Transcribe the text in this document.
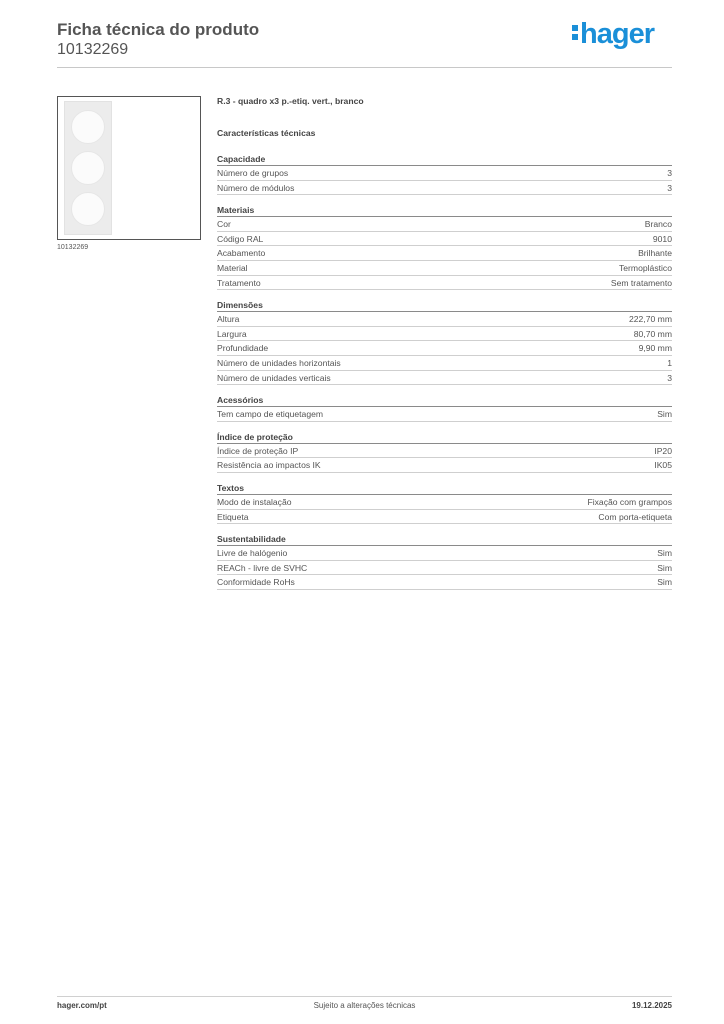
Ficha técnica do produto
10132269	hager
10132269
R.3 - quadro x3 p.-etiq. vert., branco
Características técnicas
Capacidade
Número de grupos	3
Número de módulos	3
Materiais
Cor	Branco
Código RAL	9010
Acabamento	Brilhante
Material	Termoplástico
Tratamento	Sem tratamento
Dimensões
Altura	222,70 mm
Largura	80,70 mm
Profundidade	9,90 mm
Número de unidades horizontais	1
Número de unidades verticais	3
Acessórios
Tem campo de etiquetagem	Sim
Índice de proteção
Índice de proteção IP	IP20
Resistência ao impactos IK	IK05
Textos
Modo de instalação	Fixação com grampos
Etiqueta	Com porta-etiqueta
Sustentabilidade
Livre de halógenio	Sim
REACh - livre de SVHC	Sim
Conformidade RoHs	Sim
hager.com/pt	Sujeito a alterações técnicas	19.12.2025
